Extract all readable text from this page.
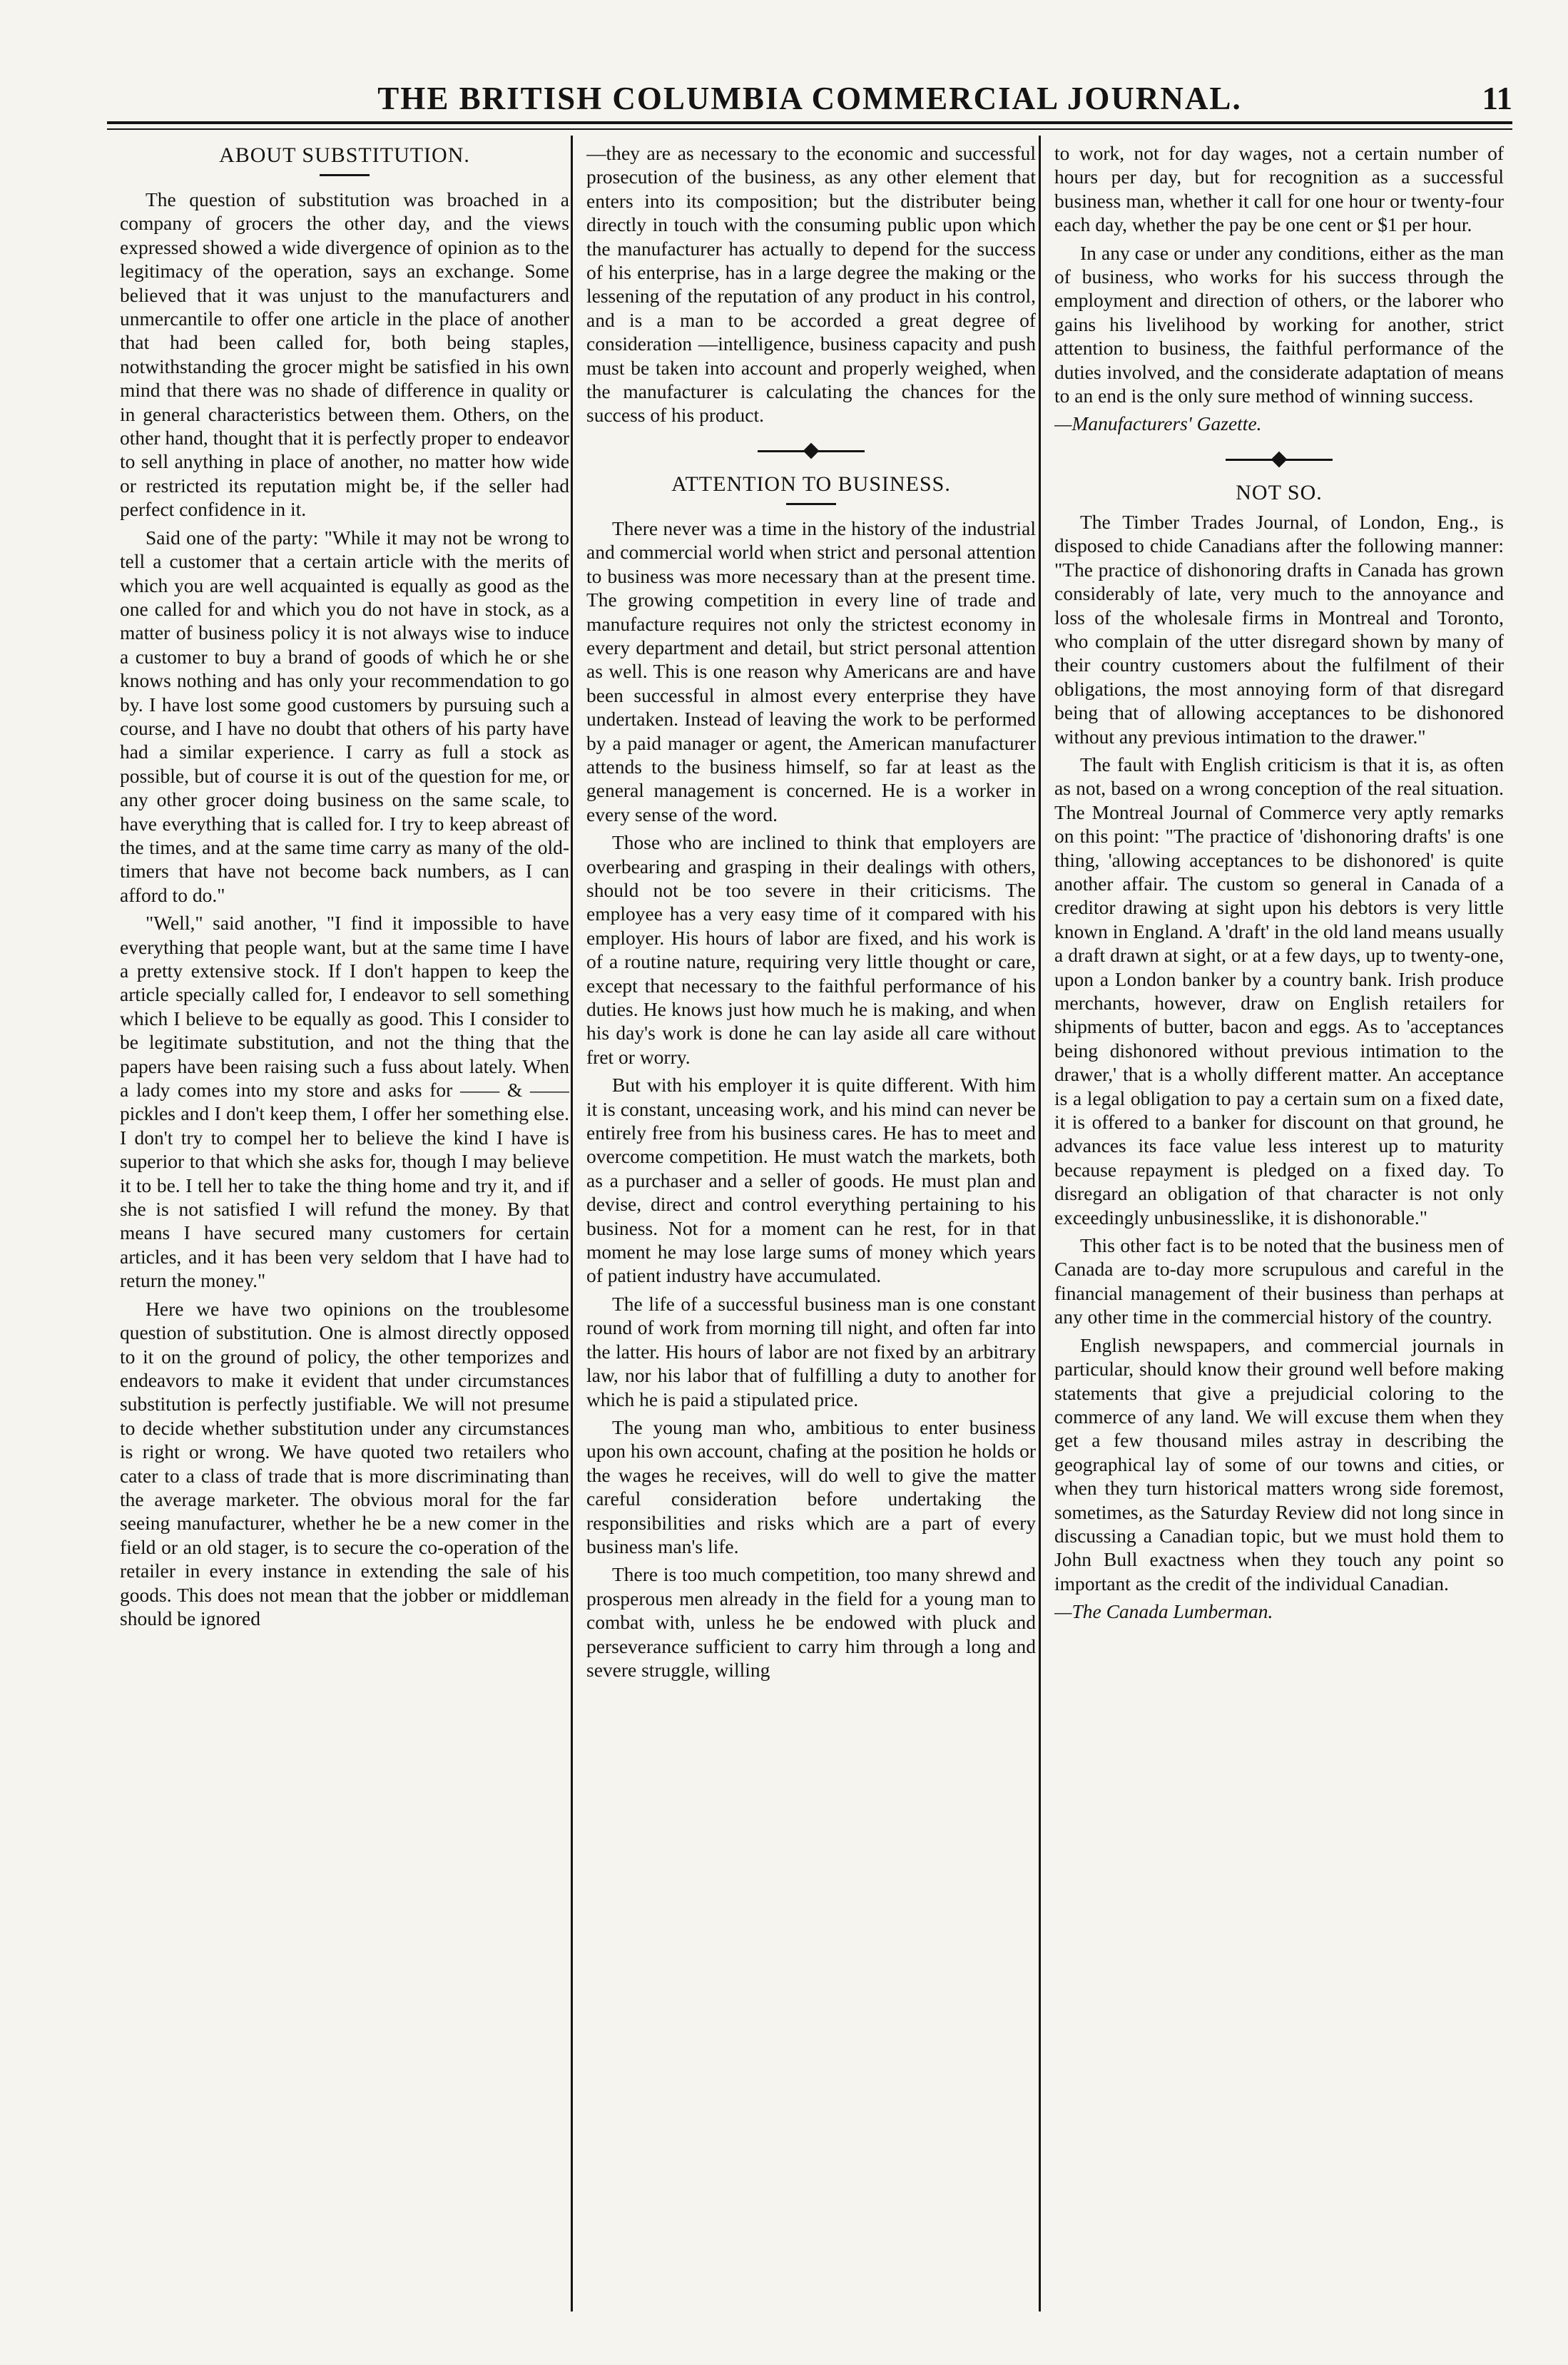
THE BRITISH COLUMBIA COMMERCIAL JOURNAL.	11
ABOUT SUBSTITUTION.

The question of substitution was broached in a company of grocers the other day, and the views expressed showed a wide divergence of opinion as to the legitimacy of the operation, says an exchange. Some believed that it was unjust to the manufacturers and unmercantile to offer one article in the place of another that had been called for, both being staples, notwithstanding the grocer might be satisfied in his own mind that there was no shade of difference in quality or in general characteristics between them. Others, on the other hand, thought that it is perfectly proper to endeavor to sell anything in place of another, no matter how wide or restricted its reputation might be, if the seller had perfect confidence in it.

Said one of the party: "While it may not be wrong to tell a customer that a certain article with the merits of which you are well acquainted is equally as good as the one called for and which you do not have in stock, as a matter of business policy it is not always wise to induce a customer to buy a brand of goods of which he or she knows nothing and has only your recommendation to go by. I have lost some good customers by pursuing such a course, and I have no doubt that others of his party have had a similar experience. I carry as full a stock as possible, but of course it is out of the question for me, or any other grocer doing business on the same scale, to have everything that is called for. I try to keep abreast of the times, and at the same time carry as many of the old-timers that have not become back numbers, as I can afford to do."

"Well," said another, "I find it impossible to have everything that people want, but at the same time I have a pretty extensive stock. If I don't happen to keep the article specially called for, I endeavor to sell something which I believe to be equally as good. This I consider to be legitimate substitution, and not the thing that the papers have been raising such a fuss about lately. When a lady comes into my store and asks for —— & —— pickles and I don't keep them, I offer her something else. I don't try to compel her to believe the kind I have is superior to that which she asks for, though I may believe it to be. I tell her to take the thing home and try it, and if she is not satisfied I will refund the money. By that means I have secured many customers for certain articles, and it has been very seldom that I have had to return the money."

Here we have two opinions on the troublesome question of substitution. One is almost directly opposed to it on the ground of policy, the other temporizes and endeavors to make it evident that under circumstances substitution is perfectly justifiable. We will not presume to decide whether substitution under any circumstances is right or wrong. We have quoted two retailers who cater to a class of trade that is more discriminating than the average marketer. The obvious moral for the far seeing manufacturer, whether he be a new comer in the field or an old stager, is to secure the co-operation of the retailer in every instance in extending the sale of his goods. This does not mean that the jobber or middleman should be ignored

—they are as necessary to the economic and successful prosecution of the business, as any other element that enters into its composition; but the distributer being directly in touch with the consuming public upon which the manufacturer has actually to depend for the success of his enterprise, has in a large degree the making or the lessening of the reputation of any product in his control, and is a man to be accorded a great degree of consideration —intelligence, business capacity and push must be taken into account and properly weighed, when the manufacturer is calculating the chances for the success of his product.

ATTENTION TO BUSINESS.

There never was a time in the history of the industrial and commercial world when strict and personal attention to business was more necessary than at the present time. The growing competition in every line of trade and manufacture requires not only the strictest economy in every department and detail, but strict personal attention as well. This is one reason why Americans are and have been successful in almost every enterprise they have undertaken. Instead of leaving the work to be performed by a paid manager or agent, the American manufacturer attends to the business himself, so far at least as the general management is concerned. He is a worker in every sense of the word.

Those who are inclined to think that employers are overbearing and grasping in their dealings with others, should not be too severe in their criticisms. The employee has a very easy time of it compared with his employer. His hours of labor are fixed, and his work is of a routine nature, requiring very little thought or care, except that necessary to the faithful performance of his duties. He knows just how much he is making, and when his day's work is done he can lay aside all care without fret or worry.

But with his employer it is quite different. With him it is constant, unceasing work, and his mind can never be entirely free from his business cares. He has to meet and overcome competition. He must watch the markets, both as a purchaser and a seller of goods. He must plan and devise, direct and control everything pertaining to his business. Not for a moment can he rest, for in that moment he may lose large sums of money which years of patient industry have accumulated.

The life of a successful business man is one constant round of work from morning till night, and often far into the latter. His hours of labor are not fixed by an arbitrary law, nor his labor that of fulfilling a duty to another for which he is paid a stipulated price.

The young man who, ambitious to enter business upon his own account, chafing at the position he holds or the wages he receives, will do well to give the matter careful consideration before undertaking the responsibilities and risks which are a part of every business man's life.

There is too much competition, too many shrewd and prosperous men already in the field for a young man to combat with, unless he be endowed with pluck and perseverance sufficient to carry him through a long and severe struggle, willing

to work, not for day wages, not a certain number of hours per day, but for recognition as a successful business man, whether it call for one hour or twenty-four each day, whether the pay be one cent or $1 per hour.

In any case or under any conditions, either as the man of business, who works for his success through the employment and direction of others, or the laborer who gains his livelihood by working for another, strict attention to business, the faithful performance of the duties involved, and the considerate adaptation of means to an end is the only sure method of winning success.

—Manufacturers' Gazette.

NOT SO.

The Timber Trades Journal, of London, Eng., is disposed to chide Canadians after the following manner: "The practice of dishonoring drafts in Canada has grown considerably of late, very much to the annoyance and loss of the wholesale firms in Montreal and Toronto, who complain of the utter disregard shown by many of their country customers about the fulfilment of their obligations, the most annoying form of that disregard being that of allowing acceptances to be dishonored without any previous intimation to the drawer."

The fault with English criticism is that it is, as often as not, based on a wrong conception of the real situation. The Montreal Journal of Commerce very aptly remarks on this point: "The practice of 'dishonoring drafts' is one thing, 'allowing acceptances to be dishonored' is quite another affair. The custom so general in Canada of a creditor drawing at sight upon his debtors is very little known in England. A 'draft' in the old land means usually a draft drawn at sight, or at a few days, up to twenty-one, upon a London banker by a country bank. Irish produce merchants, however, draw on English retailers for shipments of butter, bacon and eggs. As to 'acceptances being dishonored without previous intimation to the drawer,' that is a wholly different matter. An acceptance is a legal obligation to pay a certain sum on a fixed date, it is offered to a banker for discount on that ground, he advances its face value less interest up to maturity because repayment is pledged on a fixed day. To disregard an obligation of that character is not only exceedingly unbusinesslike, it is dishonorable."

This other fact is to be noted that the business men of Canada are to-day more scrupulous and careful in the financial management of their business than perhaps at any other time in the commercial history of the country.

English newspapers, and commercial journals in particular, should know their ground well before making statements that give a prejudicial coloring to the commerce of any land. We will excuse them when they get a few thousand miles astray in describing the geographical lay of some of our towns and cities, or when they turn historical matters wrong side foremost, sometimes, as the Saturday Review did not long since in discussing a Canadian topic, but we must hold them to John Bull exactness when they touch any point so important as the credit of the individual Canadian.

—The Canada Lumberman.
